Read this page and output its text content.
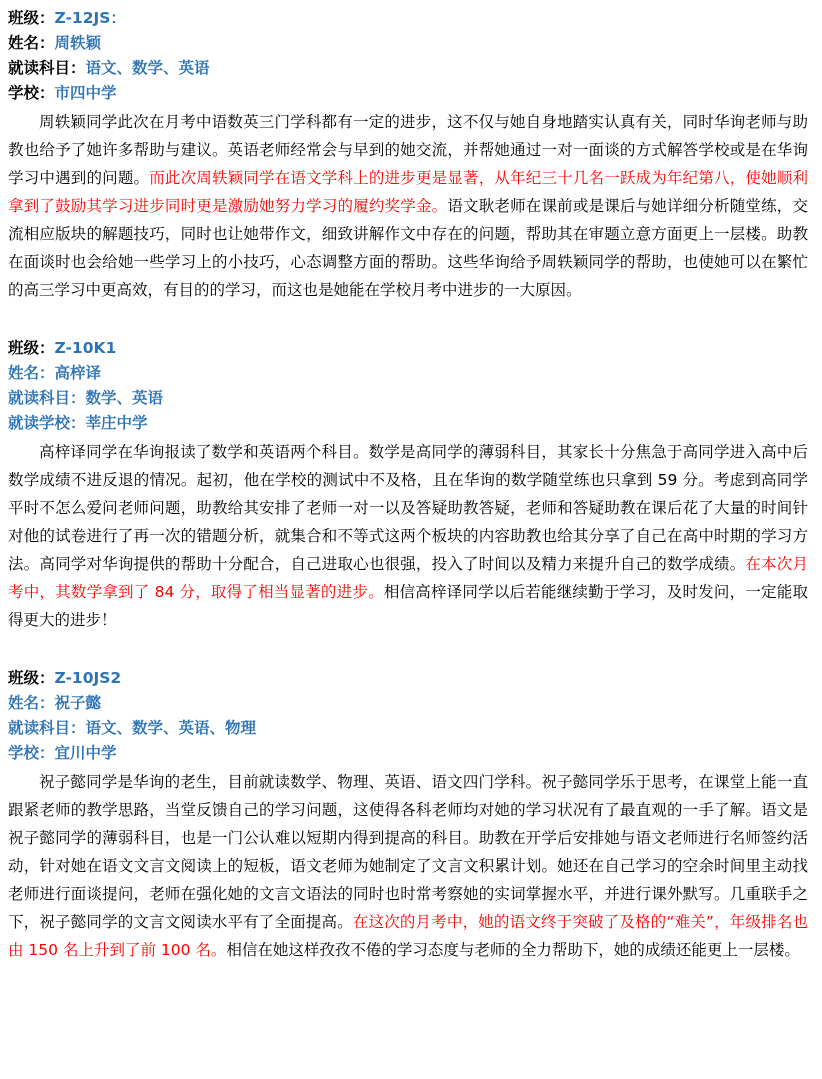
班级：Z-12JS：
姓名：周轶颖
就读科目：语文、数学、英语
学校：市四中学

周轶颖同学此次在月考中语数英三门学科都有一定的进步，这不仅与她自身地踏实认真有关，同时华询老师与助教也给予了她许多帮助与建议。英语老师经常会与早到的她交流，并帮她通过一对一面谈的方式解答学校或是在华询学习中遇到的问题。而此次周轶颖同学在语文学科上的进步更是显著，从年纪三十几名一跃成为年纪第八，使她顺利拿到了鼓励其学习进步同时更是激励她努力学习的履约奖学金。语文耿老师在课前或是课后与她详细分析随堂练，交流相应版块的解题技巧，同时也让她带作文，细致讲解作文中存在的问题，帮助其在审题立意方面更上一层楼。助教在面谈时也会给她一些学习上的小技巧，心态调整方面的帮助。这些华询给予周轶颖同学的帮助，也使她可以在繁忙的高三学习中更高效，有目的的学习，而这也是她能在学校月考中进步的一大原因。

班级：Z-10K1
姓名：高梓译
就读科目：数学、英语
就读学校：莘庄中学

高梓译同学在华询报读了数学和英语两个科目。数学是高同学的薄弱科目，其家长十分焦急于高同学进入高中后数学成绩不进反退的情况。起初，他在学校的测试中不及格，且在华询的数学随堂练也只拿到 59 分。考虑到高同学平时不怎么爱问老师问题，助教给其安排了老师一对一以及答疑助教答疑，老师和答疑助教在课后花了大量的时间针对他的试卷进行了再一次的错题分析，就集合和不等式这两个板块的内容助教也给其分享了自己在高中时期的学习方法。高同学对华询提供的帮助十分配合，自己进取心也很强，投入了时间以及精力来提升自己的数学成绩。在本次月考中，其数学拿到了 84 分，取得了相当显著的进步。相信高梓译同学以后若能继续勤于学习，及时发问，一定能取得更大的进步！

班级：Z-10JS2
姓名：祝子懿
就读科目：语文、数学、英语、物理
学校：宜川中学

祝子懿同学是华询的老生，目前就读数学、物理、英语、语文四门学科。祝子懿同学乐于思考，在课堂上能一直跟紧老师的教学思路，当堂反馈自己的学习问题，这使得各科老师均对她的学习状况有了最直观的一手了解。语文是祝子懿同学的薄弱科目，也是一门公认难以短期内得到提高的科目。助教在开学后安排她与语文老师进行名师签约活动，针对她在语文文言文阅读上的短板，语文老师为她制定了文言文积累计划。她还在自己学习的空余时间里主动找老师进行面谈提问，老师在强化她的文言文语法的同时也时常考察她的实词掌握水平，并进行课外默写。几重联手之下，祝子懿同学的文言文阅读水平有了全面提高。在这次的月考中，她的语文终于突破了及格的“难关”，年级排名也由 150 名上升到了前 100 名。相信在她这样孜孜不倦的学习态度与老师的全力帮助下，她的成绩还能更上一层楼。
